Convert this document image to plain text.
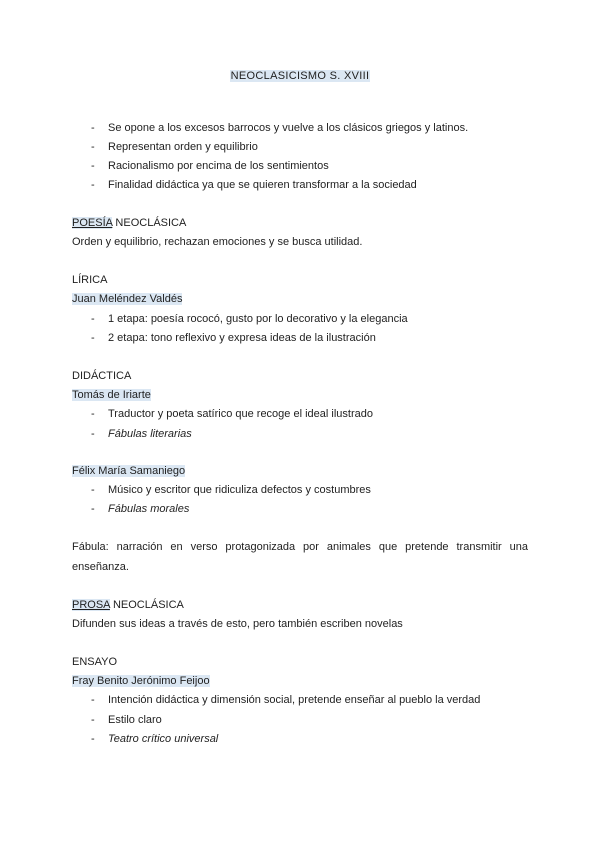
NEOCLASICISMO S. XVIII
- Se opone a los excesos barrocos y vuelve a los clásicos griegos y latinos.
- Representan orden y equilibrio
- Racionalismo por encima de los sentimientos
- Finalidad didáctica ya que se quieren transformar a la sociedad
POESÍA NEOCLÁSICA
Orden y equilibrio, rechazan emociones y se busca utilidad.
LÍRICA
Juan Meléndez Valdés
- 1 etapa: poesía rococó, gusto por lo decorativo y la elegancia
- 2 etapa: tono reflexivo y expresa ideas de la ilustración
DIDÁCTICA
Tomás de Iriarte
- Traductor y poeta satírico que recoge el ideal ilustrado
- Fábulas literarias
Félix María Samaniego
- Músico y escritor que ridiculiza defectos y costumbres
- Fábulas morales
Fábula: narración en verso protagonizada por animales que pretende transmitir una enseñanza.
PROSA NEOCLÁSICA
Difunden sus ideas a través de esto, pero también escriben novelas
ENSAYO
Fray Benito Jerónimo Feijoo
- Intención didáctica y dimensión social, pretende enseñar al pueblo la verdad
- Estilo claro
- Teatro crítico universal
